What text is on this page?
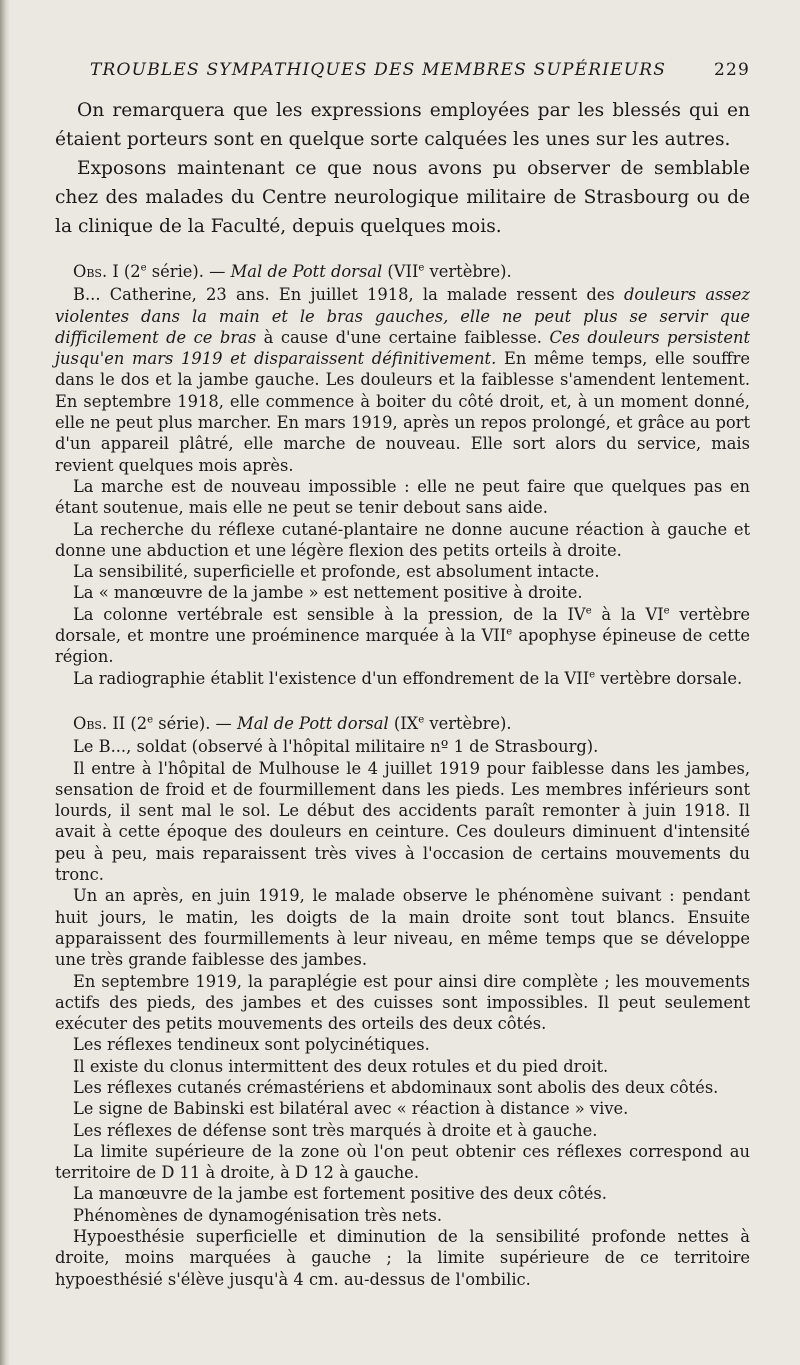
TROUBLES SYMPATHIQUES DES MEMBRES SUPÉRIEURS	229

On remarquera que les expressions employées par les blessés qui en étaient porteurs sont en quelque sorte calquées les unes sur les autres.

Exposons maintenant ce que nous avons pu observer de semblable chez des malades du Centre neurologique militaire de Strasbourg ou de la clinique de la Faculté, depuis quelques mois.

Obs. I (2e série). — Mal de Pott dorsal (VIIe vertèbre).

B... Catherine, 23 ans. En juillet 1918, la malade ressent des douleurs assez violentes dans la main et le bras gauches, elle ne peut plus se servir que difficilement de ce bras à cause d'une certaine faiblesse. Ces douleurs persistent jusqu'en mars 1919 et disparaissent définitivement. En même temps, elle souffre dans le dos et la jambe gauche. Les douleurs et la faiblesse s'amendent lentement. En septembre 1918, elle commence à boiter du côté droit, et, à un moment donné, elle ne peut plus marcher. En mars 1919, après un repos prolongé, et grâce au port d'un appareil plâtré, elle marche de nouveau. Elle sort alors du service, mais revient quelques mois après.

La marche est de nouveau impossible : elle ne peut faire que quelques pas en étant soutenue, mais elle ne peut se tenir debout sans aide.

La recherche du réflexe cutané-plantaire ne donne aucune réaction à gauche et donne une abduction et une légère flexion des petits orteils à droite.

La sensibilité, superficielle et profonde, est absolument intacte.

La « manœuvre de la jambe » est nettement positive à droite.

La colonne vertébrale est sensible à la pression, de la IVe à la VIe vertèbre dorsale, et montre une proéminence marquée à la VIIe apophyse épineuse de cette région.

La radiographie établit l'existence d'un effondrement de la VIIe vertèbre dorsale.

Obs. II (2e série). — Mal de Pott dorsal (IXe vertèbre).

Le B..., soldat (observé à l'hôpital militaire nº 1 de Strasbourg).

Il entre à l'hôpital de Mulhouse le 4 juillet 1919 pour faiblesse dans les jambes, sensation de froid et de fourmillement dans les pieds. Les membres inférieurs sont lourds, il sent mal le sol. Le début des accidents paraît remonter à juin 1918. Il avait à cette époque des douleurs en ceinture. Ces douleurs diminuent d'intensité peu à peu, mais reparaissent très vives à l'occasion de certains mouvements du tronc.

Un an après, en juin 1919, le malade observe le phénomène suivant : pendant huit jours, le matin, les doigts de la main droite sont tout blancs. Ensuite apparaissent des fourmillements à leur niveau, en même temps que se développe une très grande faiblesse des jambes.

En septembre 1919, la paraplégie est pour ainsi dire complète ; les mouvements actifs des pieds, des jambes et des cuisses sont impossibles. Il peut seulement exécuter des petits mouvements des orteils des deux côtés.

Les réflexes tendineux sont polycinétiques.

Il existe du clonus intermittent des deux rotules et du pied droit.

Les réflexes cutanés crémastériens et abdominaux sont abolis des deux côtés.

Le signe de Babinski est bilatéral avec « réaction à distance » vive.

Les réflexes de défense sont très marqués à droite et à gauche.

La limite supérieure de la zone où l'on peut obtenir ces réflexes correspond au territoire de D 11 à droite, à D 12 à gauche.

La manœuvre de la jambe est fortement positive des deux côtés.

Phénomènes de dynamogénisation très nets.

Hypoesthésie superficielle et diminution de la sensibilité profonde nettes à droite, moins marquées à gauche ; la limite supérieure de ce territoire hypoesthésié s'élève jusqu'à 4 cm. au-dessus de l'ombilic.
